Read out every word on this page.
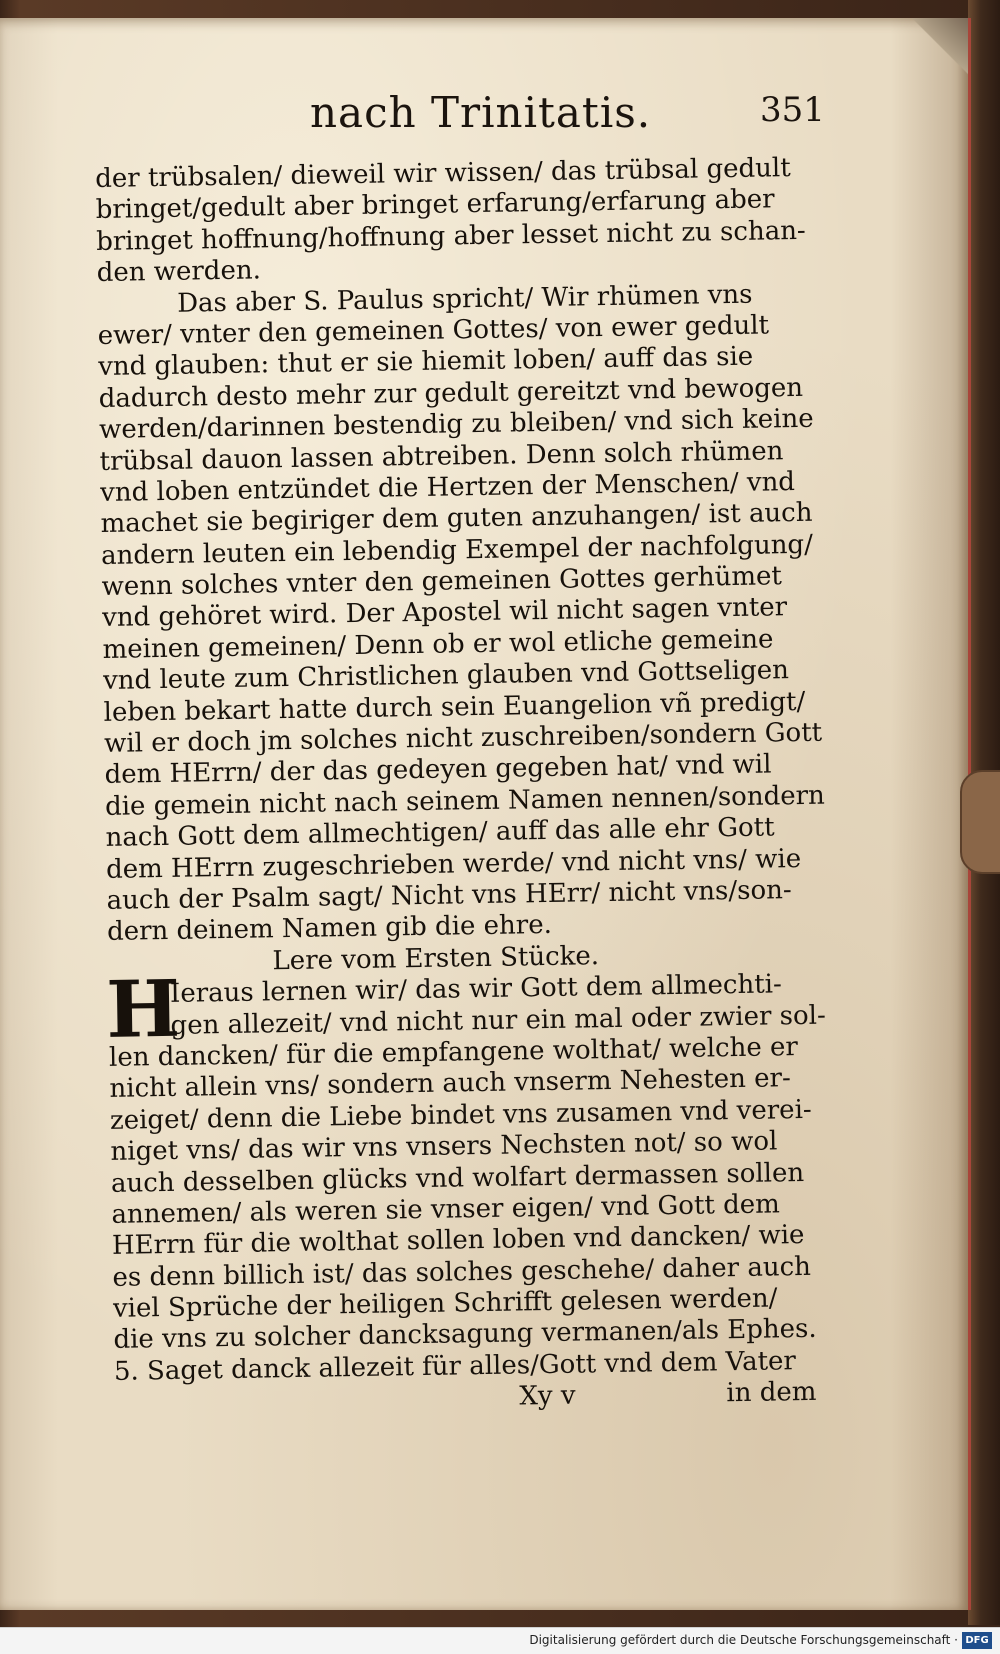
nach Trinitatis.	351
der trübsalen/ dieweil wir wissen/ das trübsal gedult
bringet/gedult aber bringet erfarung/erfarung aber
bringet hoffnung/hoffnung aber lesset nicht zu schan-
den werden.
Das aber S. Paulus spricht/ Wir rhümen vns
ewer/ vnter den gemeinen Gottes/ von ewer gedult
vnd glauben: thut er sie hiemit loben/ auff das sie
dadurch desto mehr zur gedult gereitzt vnd bewogen
werden/darinnen bestendig zu bleiben/ vnd sich keine
trübsal dauon lassen abtreiben. Denn solch rhümen
vnd loben entzündet die Hertzen der Menschen/ vnd
machet sie begiriger dem guten anzuhangen/ ist auch
andern leuten ein lebendig Exempel der nachfolgung/
wenn solches vnter den gemeinen Gottes gerhümet
vnd gehöret wird. Der Apostel wil nicht sagen vnter
meinen gemeinen/ Denn ob er wol etliche gemeine
vnd leute zum Christlichen glauben vnd Gottseligen
leben bekart hatte durch sein Euangelion vñ predigt/
wil er doch jm solches nicht zuschreiben/sondern Gott
dem HErrn/ der das gedeyen gegeben hat/ vnd wil
die gemein nicht nach seinem Namen nennen/sondern
nach Gott dem allmechtigen/ auff das alle ehr Gott
dem HErrn zugeschrieben werde/ vnd nicht vns/ wie
auch der Psalm sagt/ Nicht vns HErr/ nicht vns/son-
dern deinem Namen gib die ehre.
Lere vom Ersten Stücke.
H
Ieraus lernen wir/ das wir Gott dem allmechti-
gen allezeit/ vnd nicht nur ein mal oder zwier sol-
len dancken/ für die empfangene wolthat/ welche er
nicht allein vns/ sondern auch vnserm Nehesten er-
zeiget/ denn die Liebe bindet vns zusamen vnd verei-
niget vns/ das wir vns vnsers Nechsten not/ so wol
auch desselben glücks vnd wolfart dermassen sollen
annemen/ als weren sie vnser eigen/ vnd Gott dem
HErrn für die wolthat sollen loben vnd dancken/ wie
es denn billich ist/ das solches geschehe/ daher auch
viel Sprüche der heiligen Schrifft gelesen werden/
die vns zu solcher dancksagung vermanen/als Ephes.
5. Saget danck allezeit für alles/Gott vnd dem Vater
Xy v	in dem
Digitalisierung gefördert durch die Deutsche Forschungsgemeinschaft · DFG
